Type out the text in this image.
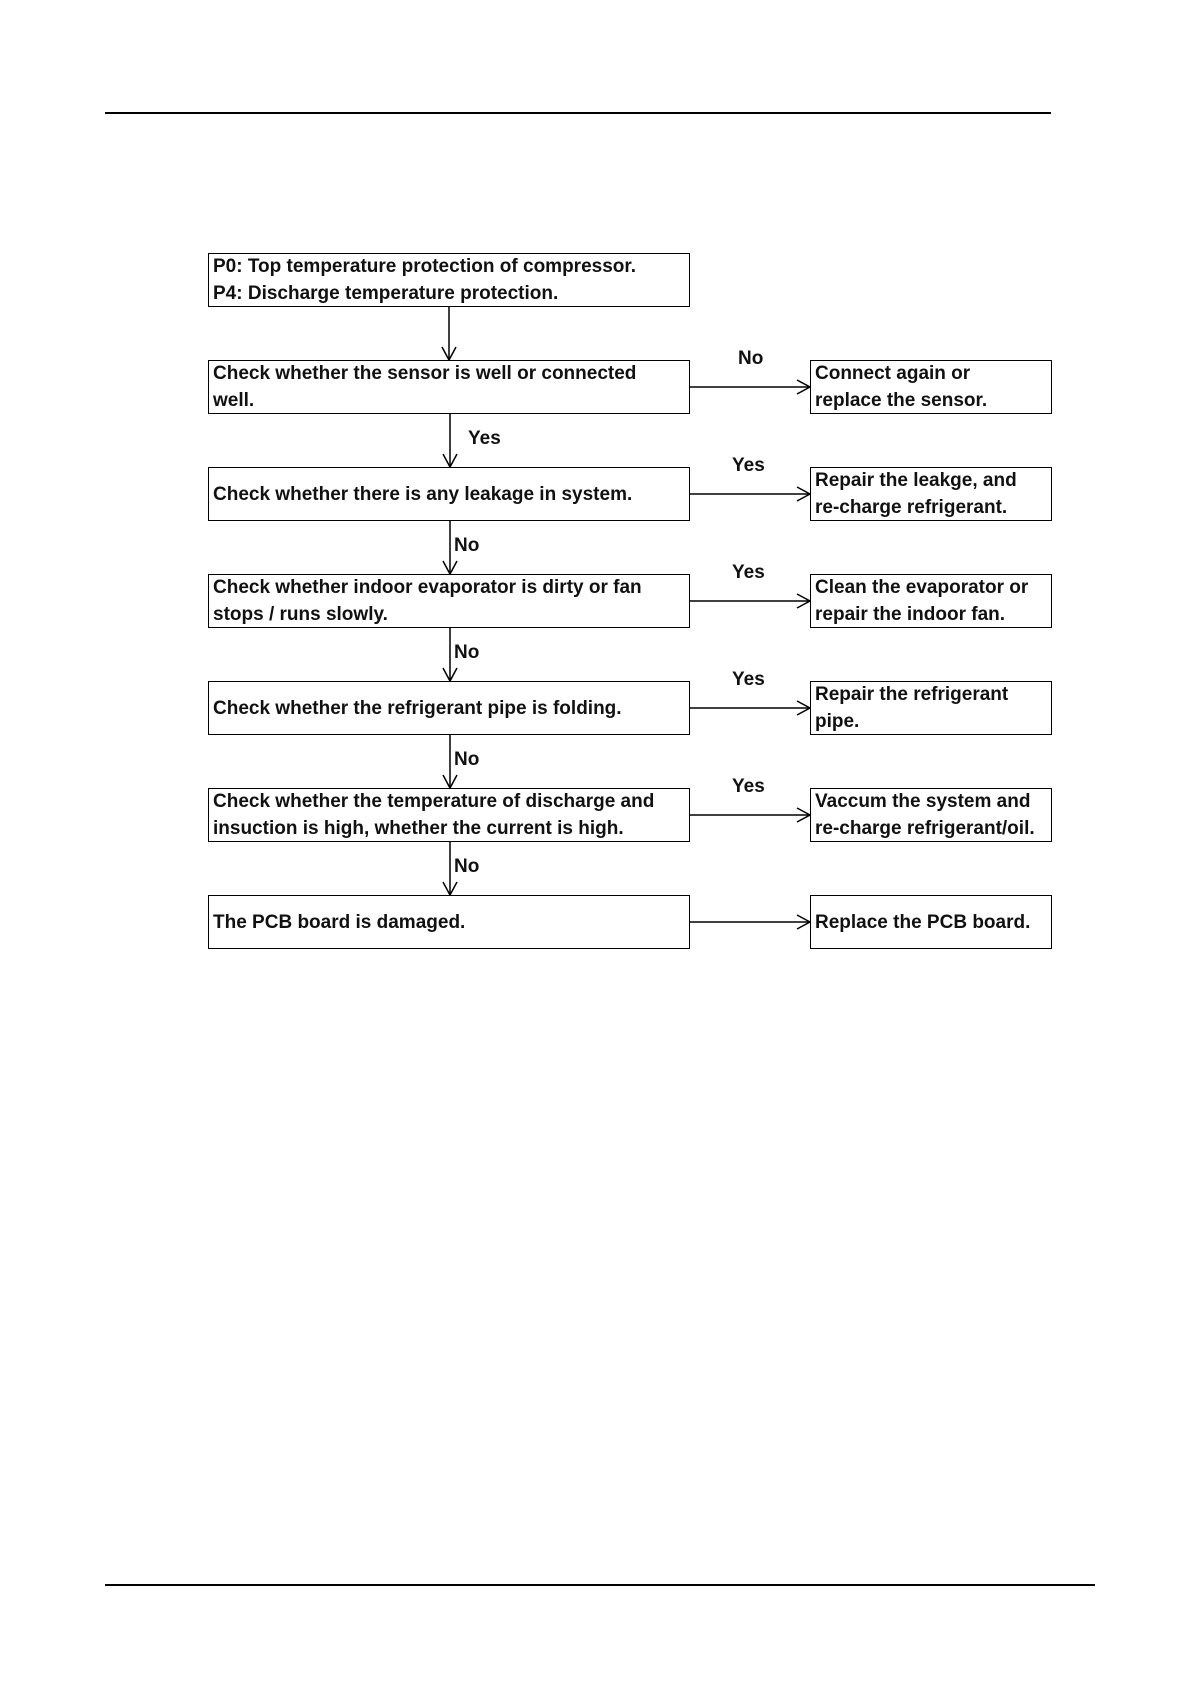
P0: Top temperature protection of compressor.
P4: Discharge temperature protection.
Check whether the sensor is well or connected
well.
Connect again or
replace the sensor.
No
Yes
Check whether there is any leakage in system.
Repair the leakge, and
re-charge refrigerant.
Yes
No
Check whether indoor evaporator is dirty or fan
stops / runs slowly.
Clean the evaporator or
repair the indoor fan.
Yes
No
Check whether the refrigerant pipe is folding.
Repair the refrigerant
pipe.
Yes
No
Check whether the temperature of discharge and
insuction is high, whether the current is high.
Vaccum the system and
re-charge refrigerant/oil.
Yes
No
The PCB board is damaged.	Replace the PCB board.
